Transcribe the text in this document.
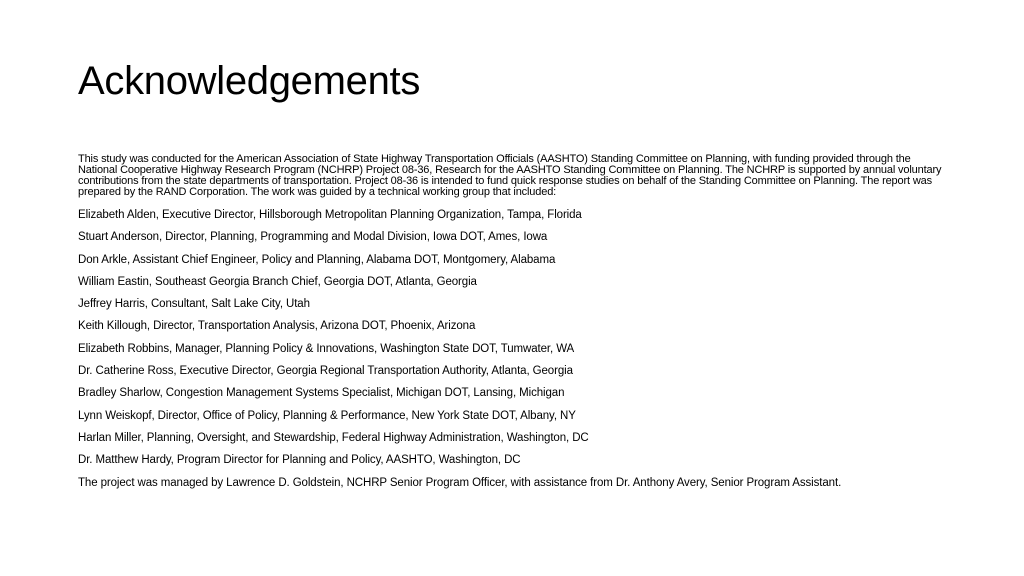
Acknowledgements

This study was conducted for the American Association of State Highway Transportation Officials (AASHTO) Standing Committee on Planning, with funding provided through the National Cooperative Highway Research Program (NCHRP) Project 08-36, Research for the AASHTO Standing Committee on Planning. The NCHRP is supported by annual voluntary contributions from the state departments of transportation. Project 08-36 is intended to fund quick response studies on behalf of the Standing Committee on Planning. The report was prepared by the RAND Corporation. The work was guided by a technical working group that included:

Elizabeth Alden, Executive Director, Hillsborough Metropolitan Planning Organization, Tampa, Florida
Stuart Anderson, Director, Planning, Programming and Modal Division, Iowa DOT, Ames, Iowa
Don Arkle, Assistant Chief Engineer, Policy and Planning, Alabama DOT, Montgomery, Alabama
William Eastin, Southeast Georgia Branch Chief, Georgia DOT, Atlanta, Georgia
Jeffrey Harris, Consultant, Salt Lake City, Utah
Keith Killough, Director, Transportation Analysis, Arizona DOT, Phoenix, Arizona
Elizabeth Robbins, Manager, Planning Policy & Innovations, Washington State DOT, Tumwater, WA
Dr. Catherine Ross, Executive Director, Georgia Regional Transportation Authority, Atlanta, Georgia
Bradley Sharlow, Congestion Management Systems Specialist, Michigan DOT, Lansing, Michigan
Lynn Weiskopf, Director, Office of Policy, Planning & Performance, New York State DOT, Albany, NY
Harlan Miller, Planning, Oversight, and Stewardship, Federal Highway Administration, Washington, DC
Dr. Matthew Hardy, Program Director for Planning and Policy, AASHTO, Washington, DC

The project was managed by Lawrence D. Goldstein, NCHRP Senior Program Officer, with assistance from Dr. Anthony Avery, Senior Program Assistant.
